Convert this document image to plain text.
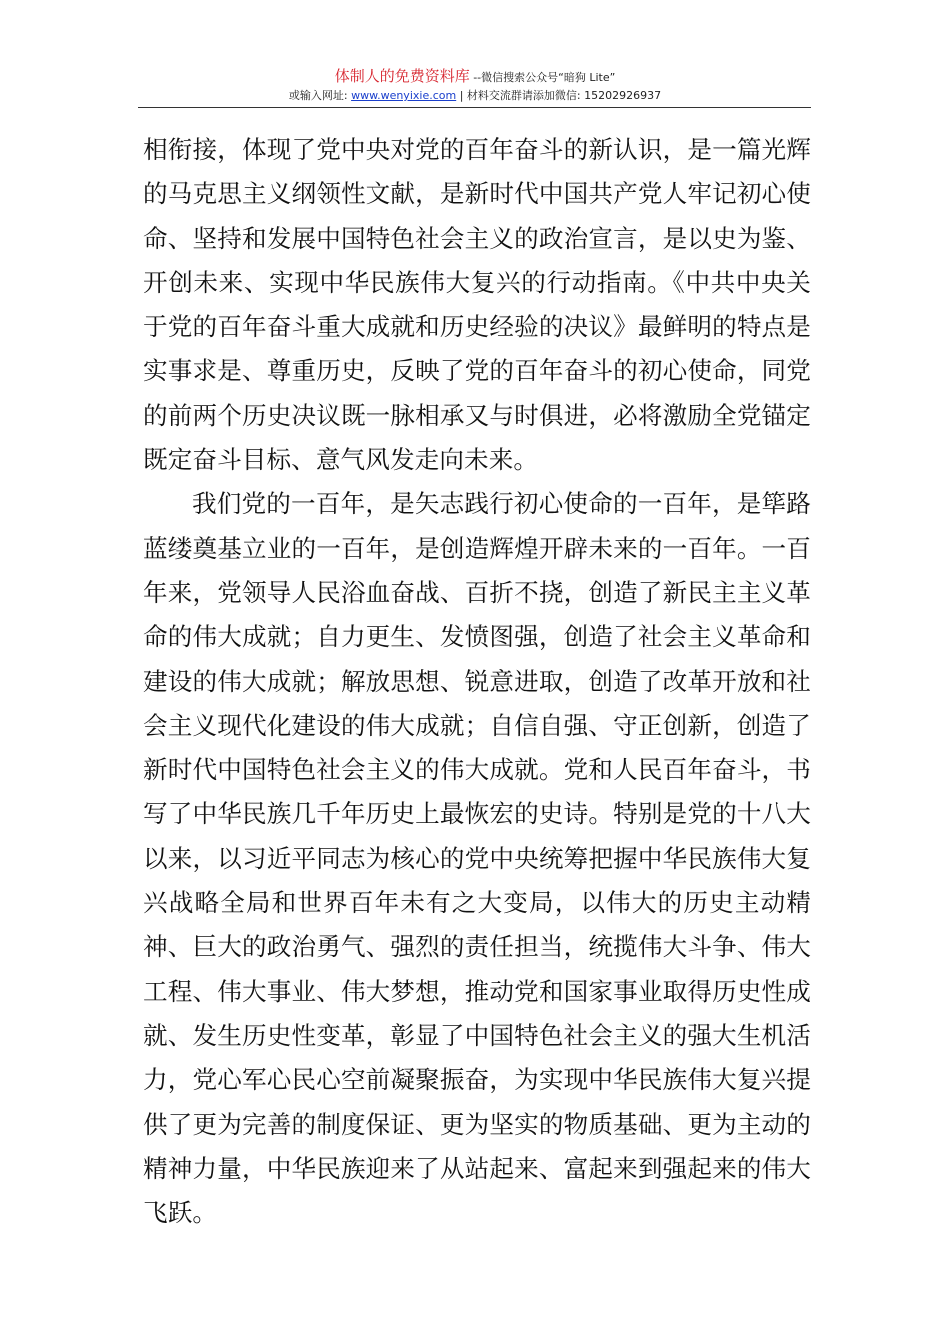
体制人的免费资料库 --微信搜索公众号“暗狗 Lite”
或输入网址: www.wenyixie.com | 材料交流群请添加微信: 15202926937

相衔接，体现了党中央对党的百年奋斗的新认识，是一篇光辉的马克思主义纲领性文献，是新时代中国共产党人牢记初心使命、坚持和发展中国特色社会主义的政治宣言，是以史为鉴、开创未来、实现中华民族伟大复兴的行动指南。《中共中央关于党的百年奋斗重大成就和历史经验的决议》最鲜明的特点是实事求是、尊重历史，反映了党的百年奋斗的初心使命，同党的前两个历史决议既一脉相承又与时俱进，必将激励全党锚定既定奋斗目标、意气风发走向未来。

我们党的一百年，是矢志践行初心使命的一百年，是筚路蓝缕奠基立业的一百年，是创造辉煌开辟未来的一百年。一百年来，党领导人民浴血奋战、百折不挠，创造了新民主主义革命的伟大成就；自力更生、发愤图强，创造了社会主义革命和建设的伟大成就；解放思想、锐意进取，创造了改革开放和社会主义现代化建设的伟大成就；自信自强、守正创新，创造了新时代中国特色社会主义的伟大成就。党和人民百年奋斗，书写了中华民族几千年历史上最恢宏的史诗。特别是党的十八大以来，以习近平同志为核心的党中央统筹把握中华民族伟大复兴战略全局和世界百年未有之大变局，以伟大的历史主动精神、巨大的政治勇气、强烈的责任担当，统揽伟大斗争、伟大工程、伟大事业、伟大梦想，推动党和国家事业取得历史性成就、发生历史性变革，彰显了中国特色社会主义的强大生机活力，党心军心民心空前凝聚振奋，为实现中华民族伟大复兴提供了更为完善的制度保证、更为坚实的物质基础、更为主动的精神力量，中华民族迎来了从站起来、富起来到强起来的伟大飞跃。
